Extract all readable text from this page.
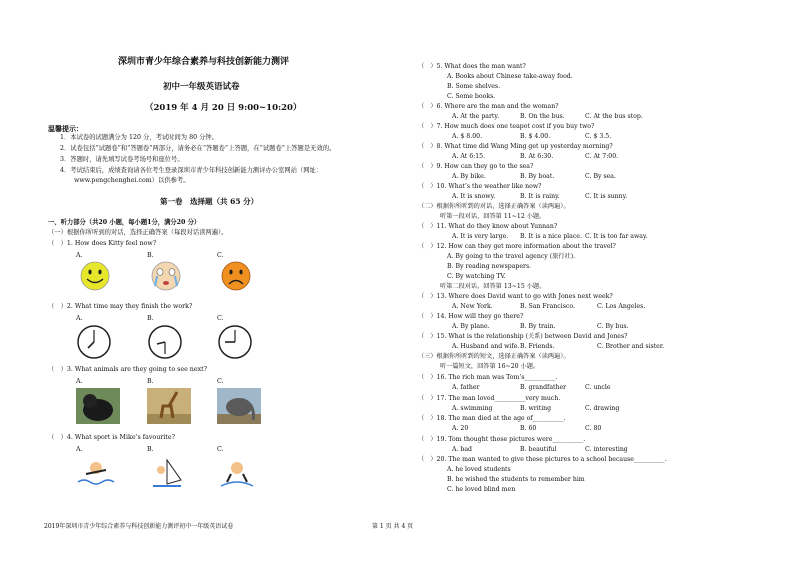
深圳市青少年综合素养与科技创新能力测评
初中一年级英语试卷
（2019 年 4 月 20 日 9:00~10:20）
温馨提示：
1．本试卷的试题满分为 120 分，考试时间为 80 分钟。
2．试卷包括“试题卷”和“答题卷”两部分，请务必在“答题卷”上答题，在“试题卷”上答题是无效的。
3．答题时，请先填写试卷考场号和座位号。
4．考试结束后，成绩查询请各位考生登录深圳市青少年科技创新能力测评办公室网站（网址：
www.pengchenghei.com）以供参考。
第一卷　选择题（共 65 分）
一、听力部分（共20 小题，每小题1分，满分20 分）
（一）根据你所听到的对话，选择正确答案（每段对话读两遍）。
（　）1. How does Kitty feel now?
A.	B.	C.
（　）2. What time may they finish the work?
A.	B.	C.
（　）3. What animals are they going to see next?
A.	B.	C.
（　）4. What sport is Mike’s favourite?
A.	B.	C.
（　）5. What does the man want?
A. Books about Chinese take-away food.
B. Some shelves.
C. Some books.
（　）6. Where are the man and the woman?
A. At the party.	B. On the bus.	C. At the bus stop.
（　）7. How much does one teapot cost if you buy two?
A. $ 8.00.	B. $ 4.00.	C. $ 3.5.
（　）8. What time did Wang Ming get up yesterday morning?
A. At 6:15.	B. At 6:30.	C. At 7:00.
（　）9. How can they go to the sea?
A. By bike.	B. By boat.	C. By sea.
（　）10. What’s the weather like now?
A. It is snowy.	B. It is rainy.	C. It is sunny.
（二）根据你所听到的对话，选择正确答案（读两遍）。
听第一段对话，回答第 11~12 小题。
（　）11. What do they know about Yunnan?
A. It is very large. B. It is a nice place. C. It is too far away.
（　）12. How can they get more information about the travel?
A. By going to the travel agency (旅行社).
B. By reading newspapers.
C. By watching TV.
听第二段对话，回答第 13~15 小题。
（　）13. Where does David want to go with Jones next week?
A. New York.	B. San Francisco.	C. Los Angeles.
（　）14. How will they go there?
A. By plane.	B. By train.	C. By bus.
（　）15. What is the relationship (关系) between David and Jones?
A. Husband and wife. B. Friends.	C. Brother and sister.
（三）根据你所听到的短文，选择正确答案（读两遍）。
听一篇短文，回答第 16~20 小题。
（　）16. The rich man was Tom’s__________.
A. father	B. grandfather	C. uncle
（　）17. The man loved__________very much.
A. swimming	B. writing	C. drawing
（　）18. The man died at the age of__________.
A. 20	B. 60	C. 80
（　）19. Tom thought those pictures were__________.
A. bad	B. beautiful	C. interesting
（　）20. The man wanted to give these pictures to a school because__________.
A. he loved students
B. he wished the students to remember him
C. he loved blind men
2019年深圳市青少年综合素养与科技创新能力测评初中一年级英语试卷	第 1 页 共 4 页
